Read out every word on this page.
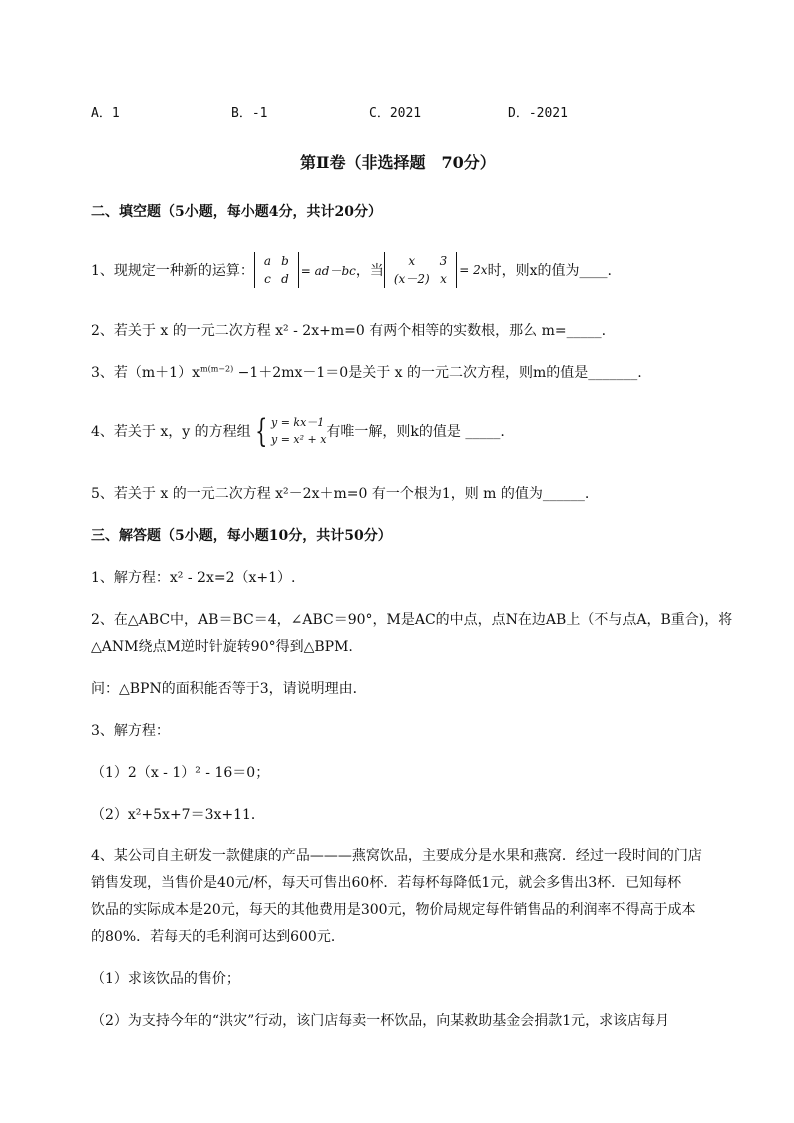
A．1	B．-1	C．2021	D．-2021
第Ⅱ卷（非选择题　70分）
二、填空题（5小题，每小题4分，共计20分）
1、现规定一种新的运算：
a	b
c	d
= ad－bc ，当
x	3
(x－2)	x
= 2x 时，则x的值为____.
2、若关于 x 的一元二次方程 x² - 2x+m=0 有两个相等的实数根，那么 m=_____.
3、若$(m+1)x^{m(m-2)} -1+2mx-1=0$是关于 x 的一元二次方程，则m的值是_______.
4、若关于 x，y 的方程组 { y = kx－1
y = x² + x 有唯一解，则k的值是 _____.
5、若关于 x 的一元二次方程 x²－2x＋m=0 有一个根为1，则 m 的值为______.
三、解答题（5小题，每小题10分，共计50分）
1、解方程：x² - 2x=2（x+1）.
2、在△ABC中，AB＝BC＝4，∠ABC＝90°，M是AC的中点，点N在边AB上（不与点A，B重合)，将
△ANM绕点M逆时针旋转90°得到△BPM.
问：△BPN的面积能否等于3，请说明理由．
3、解方程：
（1）2（x - 1）² - 16＝0；
（2）x²+5x+7＝3x+11．
4、某公司自主研发一款健康的产品———燕窝饮品，主要成分是水果和燕窝．经过一段时间的门店
销售发现，当售价是40元/杯，每天可售出60杯．若每杯每降低1元，就会多售出3杯．已知每杯
饮品的实际成本是20元，每天的其他费用是300元，物价局规定每件销售品的利润率不得高于成本
的80%．若每天的毛利润可达到600元．
（1）求该饮品的售价；
（2）为支持今年的“洪灾”行动，该门店每卖一杯饮品，向某救助基金会捐款1元，求该店每月
